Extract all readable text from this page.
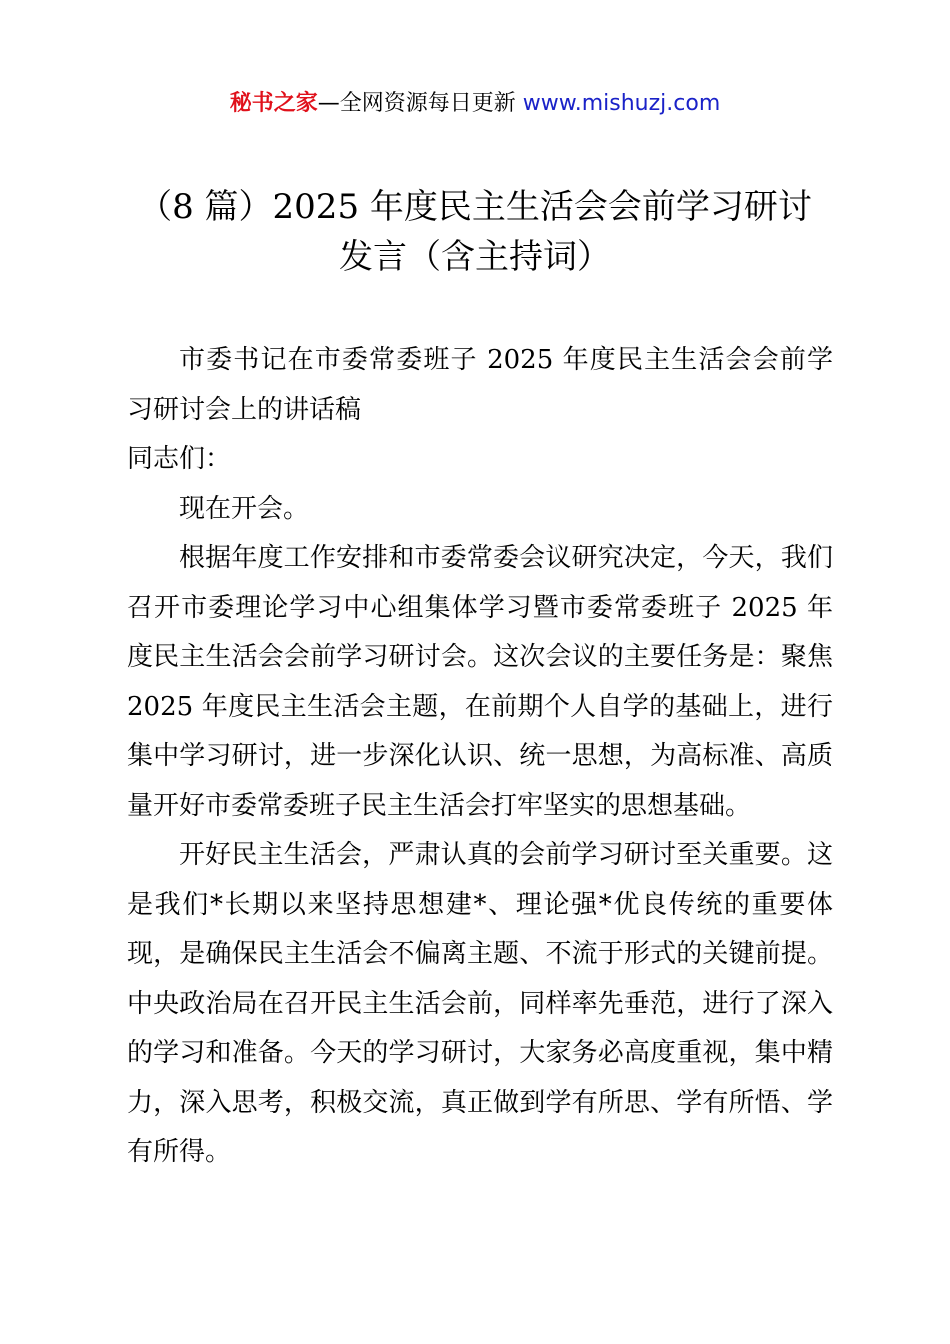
秘书之家—全网资源每日更新 www.mishuzj.com
（8 篇）2025 年度民主生活会会前学习研讨
发言（含主持词）

市委书记在市委常委班子 2025 年度民主生活会会前学习研讨会上的讲话稿

同志们：

现在开会。

根据年度工作安排和市委常委会议研究决定，今天，我们召开市委理论学习中心组集体学习暨市委常委班子 2025 年度民主生活会会前学习研讨会。这次会议的主要任务是：聚焦 2025 年度民主生活会主题，在前期个人自学的基础上，进行集中学习研讨，进一步深化认识、统一思想，为高标准、高质量开好市委常委班子民主生活会打牢坚实的思想基础。

开好民主生活会，严肃认真的会前学习研讨至关重要。这是我们*长期以来坚持思想建*、理论强*优良传统的重要体现，是确保民主生活会不偏离主题、不流于形式的关键前提。中央政治局在召开民主生活会前，同样率先垂范，进行了深入的学习和准备。今天的学习研讨，大家务必高度重视，集中精力，深入思考，积极交流，真正做到学有所思、学有所悟、学有所得。
